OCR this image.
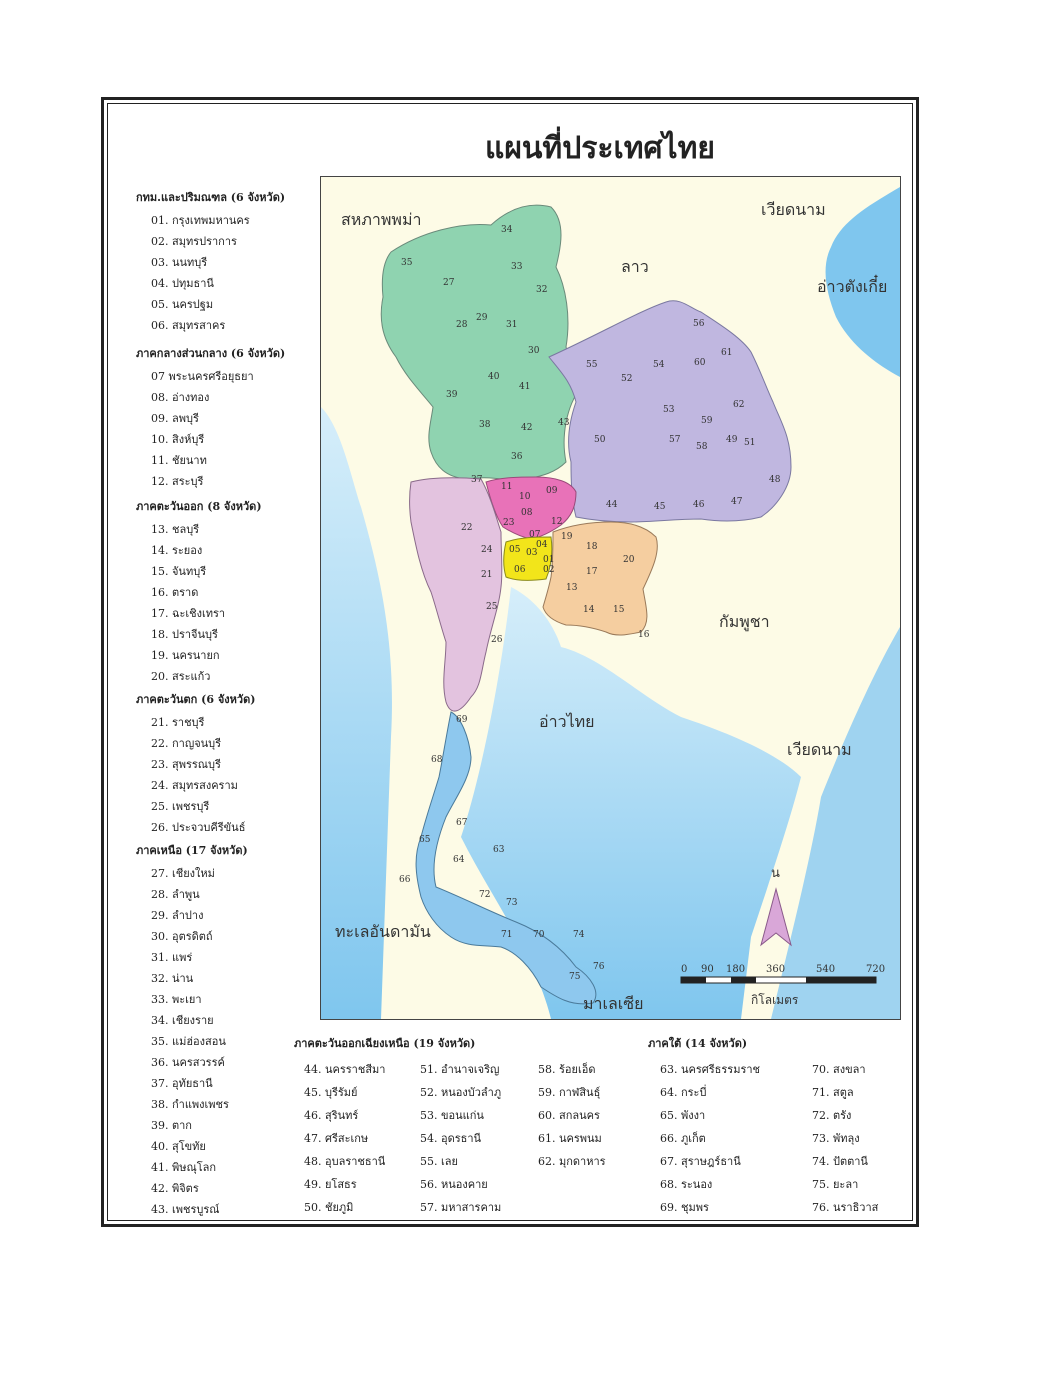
แผนที่ประเทศไทย
กทม.และปริมณฑล (6 จังหวัด)
01. กรุงเทพมหานคร
02. สมุทรปราการ
03. นนทบุรี
04. ปทุมธานี
05. นครปฐม
06. สมุทรสาคร
ภาคกลางส่วนกลาง (6 จังหวัด)
07 พระนครศรีอยุธยา
08. อ่างทอง
09. ลพบุรี
10. สิงห์บุรี
11. ชัยนาท
12. สระบุรี
ภาคตะวันออก (8 จังหวัด)
13. ชลบุรี
14. ระยอง
15. จันทบุรี
16. ตราด
17. ฉะเชิงเทรา
18. ปราจีนบุรี
19. นครนายก
20. สระแก้ว
ภาคตะวันตก (6 จังหวัด)
21. ราชบุรี
22. กาญจนบุรี
23. สุพรรณบุรี
24. สมุทรสงคราม
25. เพชรบุรี
26. ประจวบคีรีขันธ์
ภาคเหนือ (17 จังหวัด)
27. เชียงใหม่
28. ลำพูน
29. ลำปาง
30. อุตรดิตถ์
31. แพร่
32. น่าน
33. พะเยา
34. เชียงราย
35. แม่ฮ่องสอน
36. นครสวรรค์
37. อุทัยธานี
38. กำแพงเพชร
39. ตาก
40. สุโขทัย
41. พิษณุโลก
42. พิจิตร
43. เพชรบูรณ์
ภาคตะวันออกเฉียงเหนือ (19 จังหวัด)
44. นครราชสีมา
45. บุรีรัมย์
46. สุรินทร์
47. ศรีสะเกษ
48. อุบลราชธานี
49. ยโสธร
50. ชัยภูมิ
51. อำนาจเจริญ
52. หนองบัวลำภู
53. ขอนแก่น
54. อุดรธานี
55. เลย
56. หนองคาย
57. มหาสารคาม
58. ร้อยเอ็ด
59. กาฬสินธุ์
60. สกลนคร
61. นครพนม
62. มุกดาหาร
ภาคใต้ (14 จังหวัด)
63. นครศรีธรรมราช
64. กระบี่
65. พังงา
66. ภูเก็ต
67. สุราษฎร์ธานี
68. ระนอง
69. ชุมพร
70. สงขลา
71. สตูล
72. ตรัง
73. พัทลุง
74. ปัตตานี
75. ยะลา
76. นราธิวาส
สหภาพพม่า
ลาว
เวียดนาม
อ่าวตังเกี๋ย
กัมพูชา
อ่าวไทย
เวียดนาม
ทะเลอันดามัน
มาเลเซีย
01
02
03
04
05
06
07
08
09
10
11
12
13
14 15
16
17
18
19
20
21
22	23
24
25
26
27
28
29
30
31
32
33
34
35
36
37
38
39
40
41
42	43
44	45	46	47
48
49
50	51
52
53
54
55
56
57
58
59
60
61
62
63
64
65
66
67
68
69
70
71
72
73
74
75
76
น
0 90 180 360	540	720
กิโลเมตร
